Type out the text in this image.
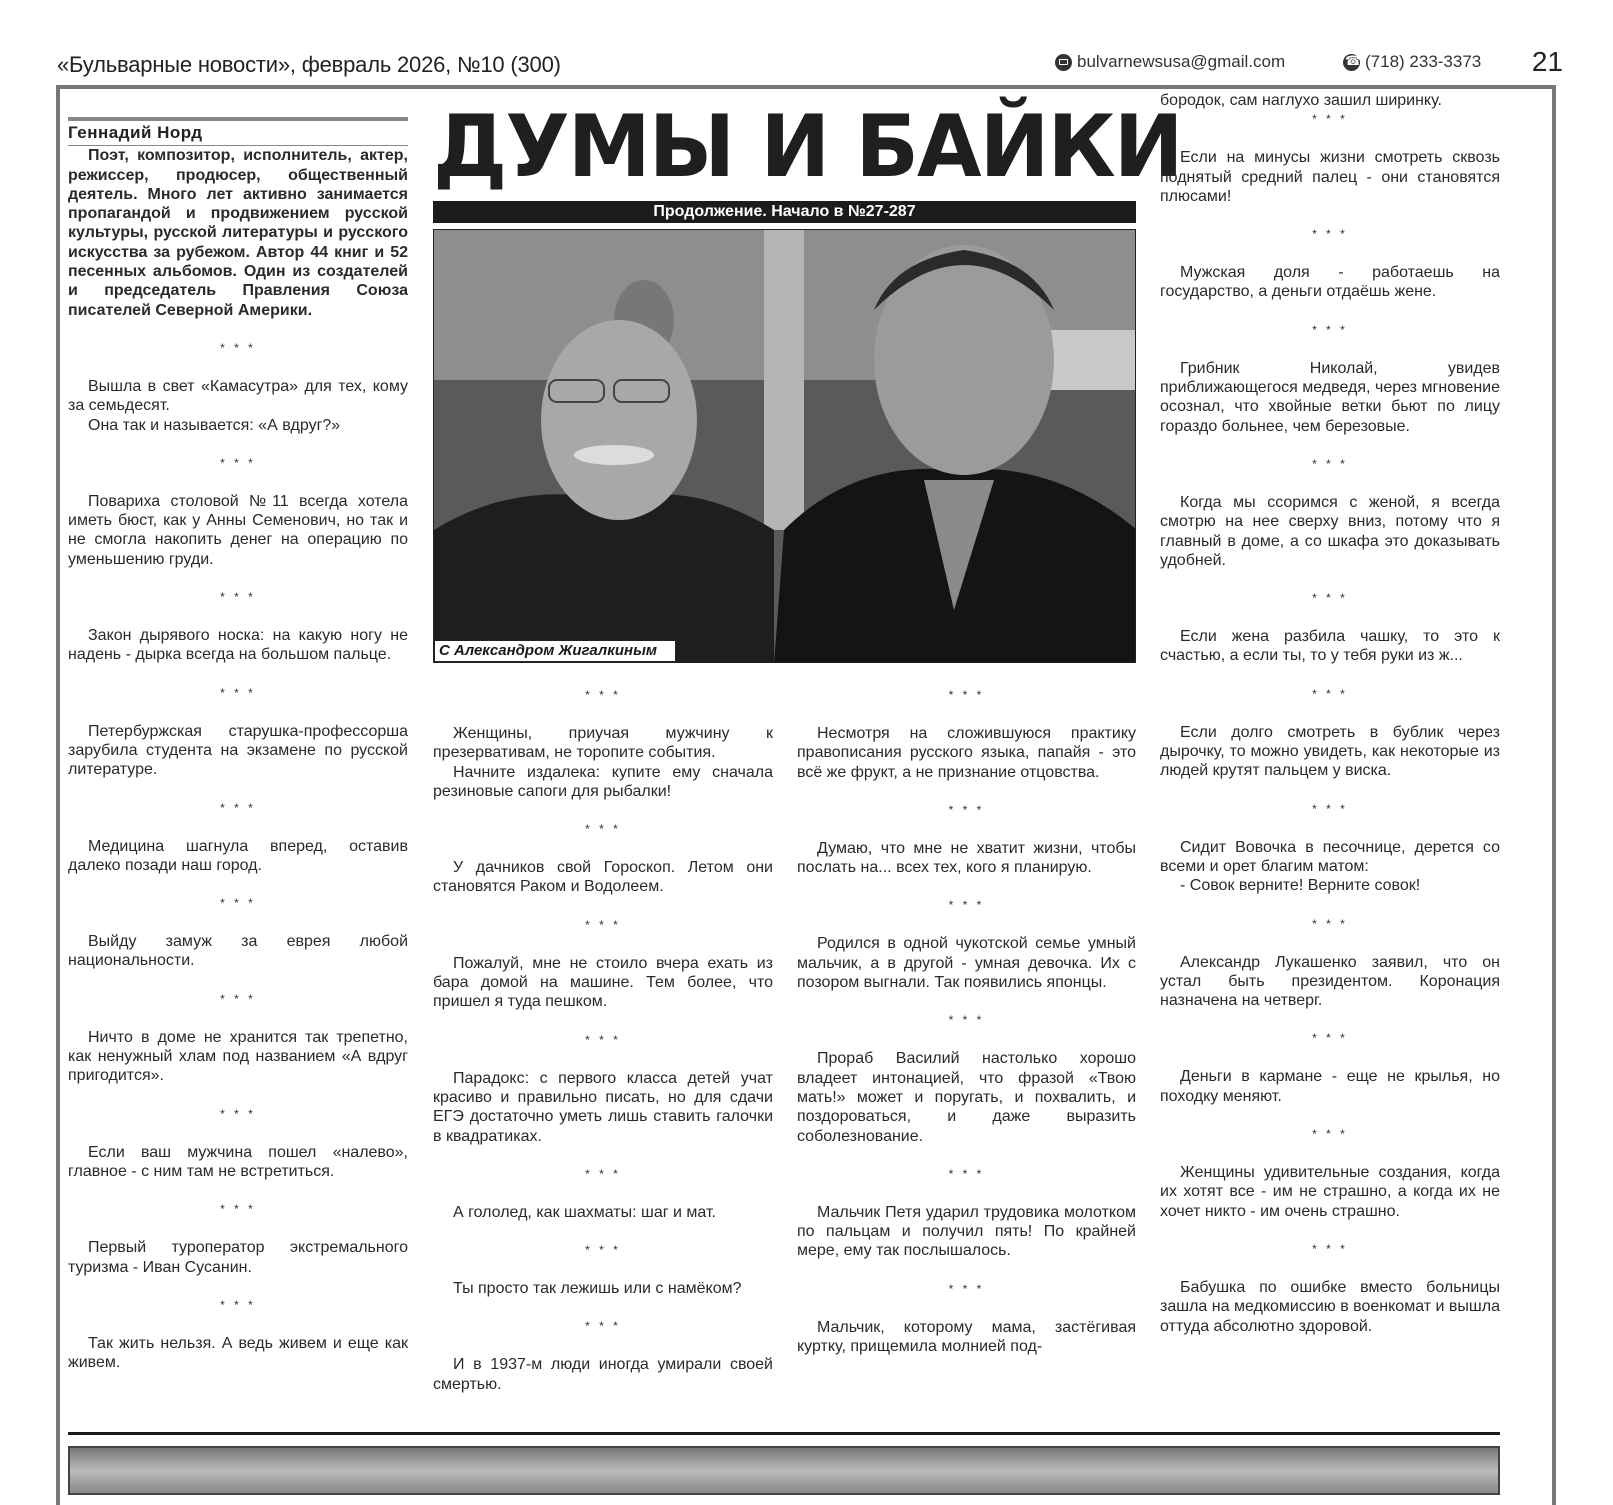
«Бульварные новости», февраль 2026, №10 (300)	bulvarnewsusa@gmail.com ☎	(718) 233-3373 21
Геннадий Норд

Поэт, композитор, исполнитель, актер, режиссер, продюсер, общественный деятель. Много лет активно занимается пропагандой и продвижением русской культуры, русской литературы и русского искусства за рубежом. Автор 44 книг и 52 песенных альбомов. Один из создателей и председатель Правления Союза писателей Северной Америки.

* * *

Вышла в свет «Камасутра» для тех, кому за семьдесят.

Она так и называется: «А вдруг?»

* * *

Повариха столовой №11 всегда хотела иметь бюст, как у Анны Семенович, но так и не смогла накопить денег на операцию по уменьшению груди.

* * *

Закон дырявого носка: на какую ногу не надень - дырка всегда на большом пальце.

* * *

Петербуржская старушка-профессорша зарубила студента на экзамене по русской литературе.

* * *

Медицина шагнула вперед, оставив далеко позади наш город.

* * *

Выйду замуж за еврея любой национальности.

* * *

Ничто в доме не хранится так трепетно, как ненужный хлам под названием «А вдруг пригодится».

* * *

Если ваш мужчина пошел «налево», главное - с ним там не встретиться.

* * *

Первый туроператор экстремального туризма - Иван Сусанин.

* * *

Так жить нельзя. А ведь живем и еще как живем.

ДУМЫ И БАЙКИ
Продолжение. Начало в №27-287
С Александром Жигалкиным
* * *

Женщины, приучая мужчину к презервативам, не торопите события.

Начните издалека: купите ему сначала резиновые сапоги для рыбалки!

* * *

У дачников свой Гороскоп. Летом они становятся Раком и Водолеем.

* * *

Пожалуй, мне не стоило вчера ехать из бара домой на машине. Тем более, что пришел я туда пешком.

* * *

Парадокс: с первого класса детей учат красиво и правильно писать, но для сдачи ЕГЭ достаточно уметь лишь ставить галочки в квадратиках.

* * *

А гололед, как шахматы: шаг и мат.

* * *

Ты просто так лежишь или с намёком?

* * *

И в 1937-м люди иногда умирали своей смертью.

* * *

Несмотря на сложившуюся практику правописания русского языка, папайя - это всё же фрукт, а не признание отцовства.

* * *

Думаю, что мне не хватит жизни, чтобы послать на... всех тех, кого я планирую.

* * *

Родился в одной чукотской семье умный мальчик, а в другой - умная девочка. Их с позором выгнали. Так появились японцы.

* * *

Прораб Василий настолько хорошо владеет интонацией, что фразой «Твою мать!» может и поругать, и похвалить, и поздороваться, и даже выразить соболезнование.

* * *

Мальчик Петя ударил трудовика молотком по пальцам и получил пять! По крайней мере, ему так послышалось.

* * *

Мальчик, которому мама, застёгивая куртку, прищемила молнией под-

бородок, сам наглухо зашил ширинку.

* * *

Если на минусы жизни смотреть сквозь поднятый средний палец - они становятся плюсами!

* * *

Мужская доля - работаешь на государство, а деньги отдаёшь жене.

* * *

Грибник Николай, увидев приближающегося медведя, через мгновение осознал, что хвойные ветки бьют по лицу гораздо больнее, чем березовые.

* * *

Когда мы ссоримся с женой, я всегда смотрю на нее сверху вниз, потому что я главный в доме, а со шкафа это доказывать удобней.

* * *

Если жена разбила чашку, то это к счастью, а если ты, то у тебя руки из ж...

* * *

Если долго смотреть в бублик через дырочку, то можно увидеть, как некоторые из людей крутят пальцем у виска.

* * *

Сидит Вовочка в песочнице, дерется со всеми и орет благим матом:

- Совок верните! Верните совок!

* * *

Александр Лукашенко заявил, что он устал быть президентом. Коронация назначена на четверг.

* * *

Деньги в кармане - еще не крылья, но походку меняют.

* * *

Женщины удивительные создания, когда их хотят все - им не страшно, а когда их не хочет никто - им очень страшно.

* * *

Бабушка по ошибке вместо больницы зашла на медкомиссию в военкомат и вышла оттуда абсолютно здоровой.
